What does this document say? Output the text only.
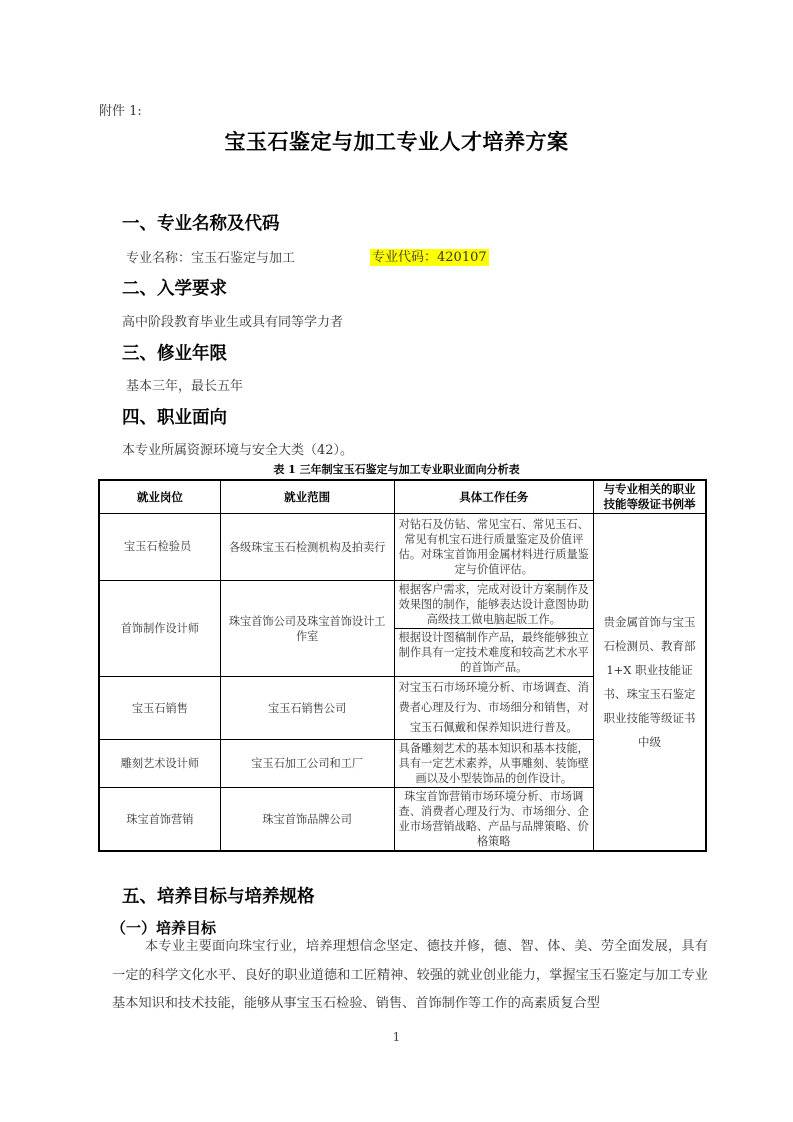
附件 1:
宝玉石鉴定与加工专业人才培养方案
一、专业名称及代码
专业名称：宝玉石鉴定与加工	专业代码：420107
二、入学要求
高中阶段教育毕业生或具有同等学力者
三、修业年限
基本三年，最长五年
四、职业面向
本专业所属资源环境与安全大类（42）。
表 1 三年制宝玉石鉴定与加工专业职业面向分析表
就业岗位	就业范围	具体工作任务	与专业相关的职业技能等级证书例举
宝玉石检验员	各级珠宝玉石检测机构及拍卖行	对钻石及仿钻、常见宝石、常见玉石、常见有机宝石进行质量鉴定及价值评估。对珠宝首饰用金属材料进行质量鉴定与价值评估。	贵金属首饰与宝玉石检测员、教育部 1+X 职业技能证书、珠宝玉石鉴定职业技能等级证书中级
首饰制作设计师	珠宝首饰公司及珠宝首饰设计工作室	根据客户需求，完成对设计方案制作及效果图的制作，能够表达设计意图协助高级技工做电脑起版工作。	
		根据设计图稿制作产品，最终能够独立制作具有一定技术难度和较高艺术水平的首饰产品。	
宝玉石销售	宝玉石销售公司	对宝玉石市场环境分析、市场调查、消费者心理及行为、市场细分和销售，对宝玉石佩戴和保养知识进行普及。	
雕刻艺术设计师	宝玉石加工公司和工厂	具备雕刻艺术的基本知识和基本技能，具有一定艺术素养，从事雕刻、装饰壁画以及小型装饰品的创作设计。	
珠宝首饰营销	珠宝首饰品牌公司	珠宝首饰营销市场环境分析、市场调查、消费者心理及行为、市场细分、企业市场营销战略、产品与品牌策略、价格策略	
五、培养目标与培养规格
（一）培养目标
本专业主要面向珠宝行业，培养理想信念坚定、德技并修，德、智、体、美、劳全面发展，具有一定的科学文化水平、良好的职业道德和工匠精神、较强的就业创业能力，掌握宝玉石鉴定与加工专业基本知识和技术技能，能够从事宝玉石检验、销售、首饰制作等工作的高素质复合型
1
